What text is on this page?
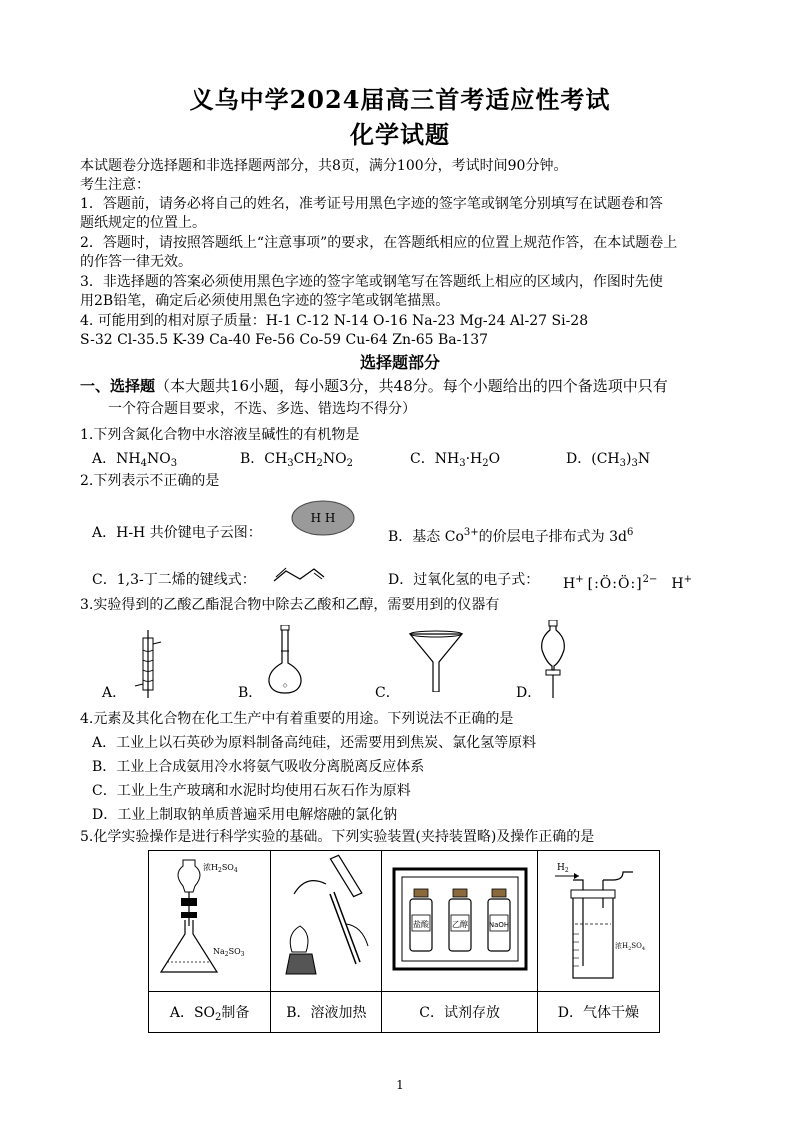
义乌中学2024届高三首考适应性考试
化学试题
本试题卷分选择题和非选择题两部分，共8页，满分100分，考试时间90分钟。
考生注意：
1．答题前，请务必将自己的姓名，准考证号用黑色字迹的签字笔或钢笔分别填写在试题卷和答
题纸规定的位置上。
2．答题时，请按照答题纸上“注意事项”的要求，在答题纸相应的位置上规范作答，在本试题卷上
的作答一律无效。
3．非选择题的答案必须使用黑色字迹的签字笔或钢笔写在答题纸上相应的区域内，作图时先使
用2B铅笔，确定后必须使用黑色字迹的签字笔或钢笔描黑。
4. 可能用到的相对原子质量：H-1 C-12 N-14 O-16 Na-23 Mg-24 Al-27 Si-28
S-32 Cl-35.5 K-39 Ca-40 Fe-56 Co-59 Cu-64 Zn-65 Ba-137
选择题部分
一、选择题（本大题共16小题，每小题3分，共48分。每个小题给出的四个备选项中只有
一个符合题目要求，不选、多选、错选均不得分）
1.下列含氮化合物中水溶液呈碱性的有机物是
A．$NH_4NO_3$	B．$CH_3CH_2NO_2$	C．$NH_3\cdot H_2O$	D．$(CH_3)_3N$
2.下列表示不正确的是
A．H-H 共价键电子云图：
H H
B．基态 $Co^{3+}$的价层电子排布式为 $3d^6$
C．1,3-丁二烯的键线式：	D．过氧化氢的电子式： H+ [:Ö:Ö:]$^{2-}$ H+
3.实验得到的乙酸乙酯混合物中除去乙酸和乙醇，需要用到的仪器有
A．	B．	◇	C．	D．
4.元素及其化合物在化工生产中有着重要的用途。下列说法不正确的是
A．工业上以石英砂为原料制备高纯硅，还需要用到焦炭、氯化氢等原料
B．工业上合成氨用冷水将氨气吸收分离脱离反应体系
C．工业上生产玻璃和水泥时均使用石灰石作为原料
D．工业上制取钠单质普遍采用电解熔融的氯化钠
5.化学实验操作是进行科学实验的基础。下列实验装置(夹持装置略)及操作正确的是
浓$H_2SO_4$
$Na_2SO_3$		盐酸 乙醇 NaOH	$H_2$
浓$H_2SO_4$

A．$SO_2$制备	B．溶液加热	C．试剂存放	D．气体干燥
1
